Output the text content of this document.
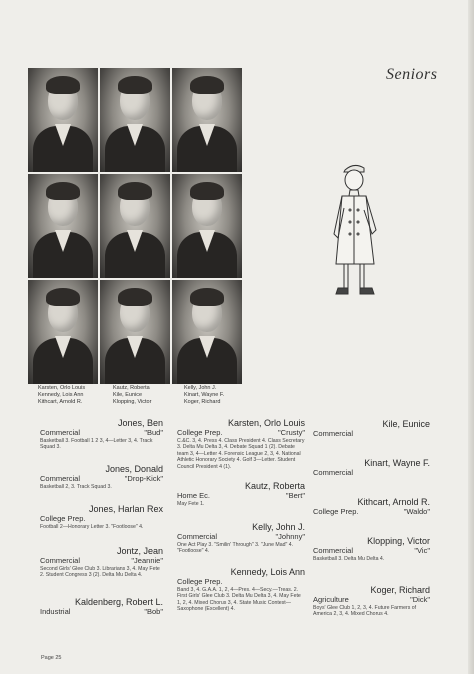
Seniors
Karsten, Orlo Louis
Kennedy, Lois Ann
Kithcart, Arnold R.
Kautz, Roberta
Kile, Eunice
Klopping, Victor
Kelly, John J.
Kinart, Wayne F.
Koger, Richard
Jones, Ben
Commercial	"Bud"
Basketball 3. Football 1 2 3, 4—Letter 3, 4. Track Squad 3.
Jones, Donald
Commercial	"Drop-Kick"
Basketball 2, 3. Track Squad 3.
Jones, Harlan Rex
College Prep.
Football 2—Honorary Letter 3. "Footloose" 4.
Jontz, Jean
Commercial	"Jeannie"
Second Girls' Glee Club 3. Librarians 3, 4. May Fete 2. Student Congress 3 (2). Delta Mu Delta 4.
Kaldenberg, Robert L.
Industrial	"Bob"
Karsten, Orlo Louis
College Prep.	"Crusty"
C.&C. 3, 4. Press 4. Class President 4. Class Secretary 3. Delta Mu Delta 3, 4. Debate Squad 1 (2). Debate team 3, 4—Letter 4. Forensic League 2, 3, 4. National Athletic Honorary Society 4. Golf 3—Letter. Student Council President 4 (1).
Kautz, Roberta
Home Ec.	"Bert"
May Fete 1.
Kelly, John J.
Commercial	"Johnny"
One Act Play 3. "Smilin' Through" 3. "June Mad" 4. "Footloose" 4.
Kennedy, Lois Ann
College Prep.
Band 3, 4. G.A.A. 1, 2, 4—Pres. 4—Secy.—Treas. 2. First Girls' Glee Club 3. Delta Mu Delta 3, 4. May Fete 1, 2, 4. Mixed Chorus 3, 4. State Music Contest—Saxophone (Excellent) 4.
Kile, Eunice
Commercial
Kinart, Wayne F.
Commercial
Kithcart, Arnold R.
College Prep.	"Waldo"
Klopping, Victor
Commercial	"Vic"
Basketball 3. Delta Mu Delta 4.
Koger, Richard
Agriculture	"Dick"
Boys' Glee Club 1, 2, 3, 4. Future Farmers of America 2, 3, 4. Mixed Chorus 4.
Page 25
